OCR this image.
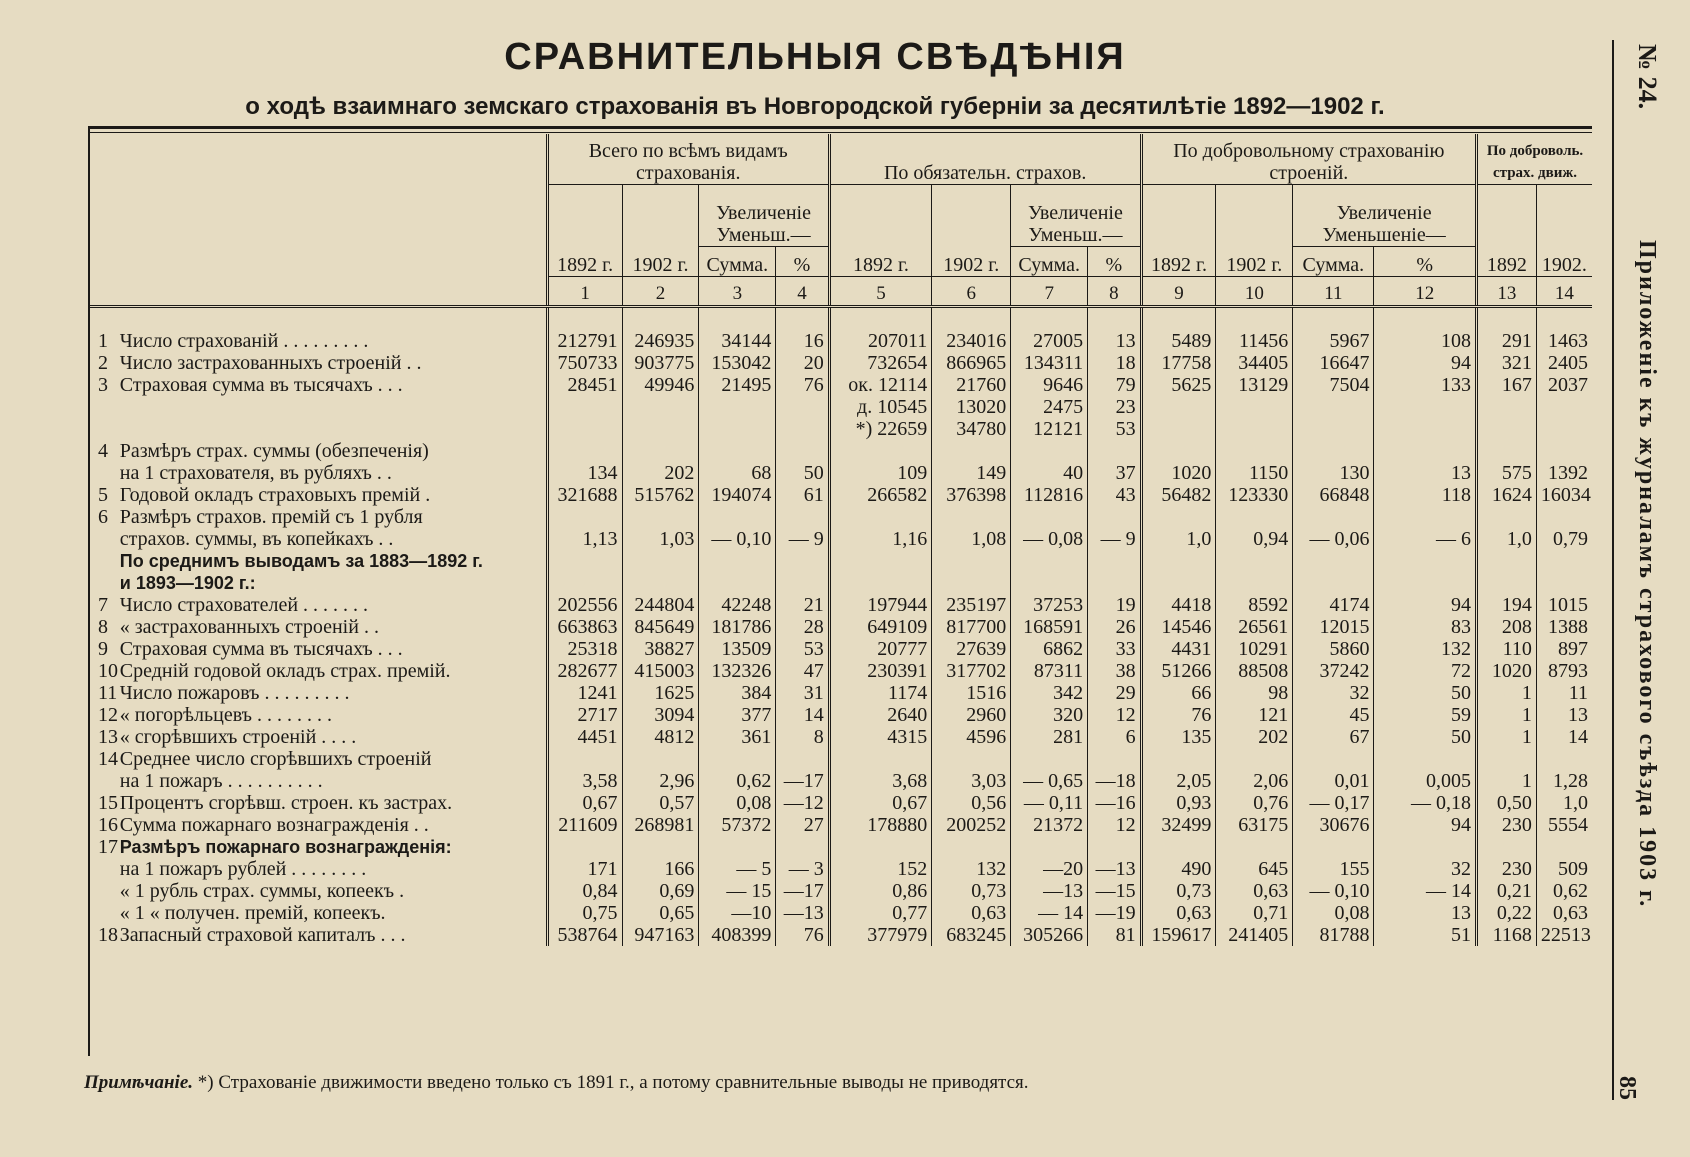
СРАВНИТЕЛЬНЫЯ СВѢДѢНІЯ
о ходѣ взаимнаго земскаго страхованія въ Новгородской губерніи за десятилѣтіе 1892—1902 г.
		Всего по всѣмъ видамъ страхованія.				По обязательн. страхов.				По добровольному страхованію строеній.				По доброволь. страх. движ.	
		1892 г.	1902 г.	Увеличеніе Уменьш.—		1892 г.	1902 г.	Увеличеніе Уменьш.—		1892 г.	1902 г.	Увеличеніе Уменьшеніе—		1892	1902.
				Сумма.	%			Сумма.	%			Сумма.	%		
		1	2	3	4	5	6	7	8	9	10	11	12	13	14

1	Число страхованій . . . . . . . . .	212791	246935	34144	16	207011	234016	27005	13	5489	11456	5967	108	291	1463
2	Число застрахованныхъ строеній . .	750733	903775	153042	20	732654	866965	134311	18	17758	34405	16647	94	321	2405
3	Страховая сумма въ тысячахъ . . .	28451	49946	21495	76	ок. 12114	21760	9646	79	5625	13129	7504	133	167	2037
						д. 10545	13020	2475	23						
						*) 22659	34780	12121	53						
4	Размѣръ страх. суммы (обезпеченія)														
	на 1 страхователя, въ рубляхъ . .	134	202	68	50	109	149	40	37	1020	1150	130	13	575	1392
5	Годовой окладъ страховыхъ премій .	321688	515762	194074	61	266582	376398	112816	43	56482	123330	66848	118	1624	16034
6	Размѣръ страхов. премій съ 1 рубля														
	страхов. суммы, въ копейкахъ . .	1,13	1,03	— 0,10	— 9	1,16	1,08	— 0,08	— 9	1,0	0,94	— 0,06	— 6	1,0	0,79
	По среднимъ выводамъ за 1883—1892 г.														
	и 1893—1902 г.:														
7	Число страхователей . . . . . . .	202556	244804	42248	21	197944	235197	37253	19	4418	8592	4174	94	194	1015
8	« застрахованныхъ строеній . .	663863	845649	181786	28	649109	817700	168591	26	14546	26561	12015	83	208	1388
9	Страховая сумма въ тысячахъ . . .	25318	38827	13509	53	20777	27639	6862	33	4431	10291	5860	132	110	897
10	Средній годовой окладъ страх. премій.	282677	415003	132326	47	230391	317702	87311	38	51266	88508	37242	72	1020	8793
11	Число пожаровъ . . . . . . . . .	1241	1625	384	31	1174	1516	342	29	66	98	32	50	1	11
12	« погорѣльцевъ . . . . . . . .	2717	3094	377	14	2640	2960	320	12	76	121	45	59	1	13
13	« сгорѣвшихъ строеній . . . .	4451	4812	361	8	4315	4596	281	6	135	202	67	50	1	14
14	Среднее число сгорѣвшихъ строеній														
	на 1 пожаръ . . . . . . . . . .	3,58	2,96	0,62	—17	3,68	3,03	— 0,65	—18	2,05	2,06	0,01	0,005	1	1,28
15	Процентъ сгорѣвш. строен. къ застрах.	0,67	0,57	0,08	—12	0,67	0,56	— 0,11	—16	0,93	0,76	— 0,17	— 0,18	0,50	1,0
16	Сумма пожарнаго вознагражденія . .	211609	268981	57372	27	178880	200252	21372	12	32499	63175	30676	94	230	5554
17	Размѣръ пожарнаго вознагражденія:														
	на 1 пожаръ рублей . . . . . . . .	171	166	— 5	— 3	152	132	—20	—13	490	645	155	32	230	509
	« 1 рубль страх. суммы, копеекъ .	0,84	0,69	— 15	—17	0,86	0,73	—13	—15	0,73	0,63	— 0,10	— 14	0,21	0,62
	« 1 « получен. премій, копеекъ.	0,75	0,65	—10	—13	0,77	0,63	— 14	—19	0,63	0,71	0,08	13	0,22	0,63
18	Запасный страховой капиталъ . . .	538764	947163	408399	76	377979	683245	305266	81	159617	241405	81788	51	1168	22513
Примѣчаніе. *) Страхованіе движимости введено только съ 1891 г., а потому сравнительные выводы не приводятся.
№ 24.
Приложеніе къ журналамъ страхового съѣзда 1903 г.
85
